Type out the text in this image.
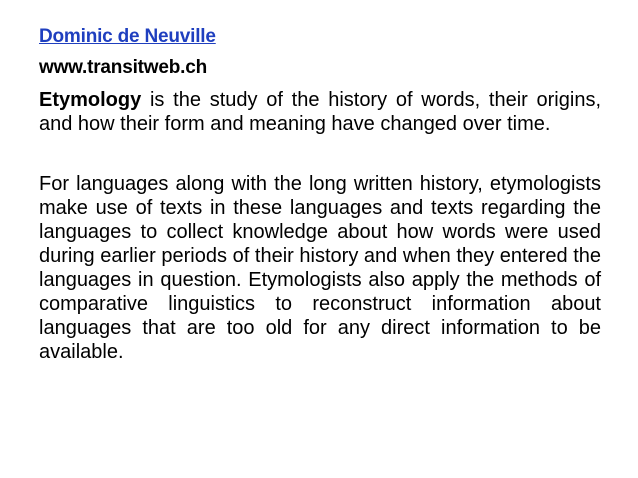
Dominic de Neuville
www.transitweb.ch

Etymology is the study of the history of words, their origins, and how their form and meaning have changed over time.

For languages along with the long written history, etymologists make use of texts in these languages and texts regarding the languages to collect knowledge about how words were used during earlier periods of their history and when they entered the languages in question. Etymologists also apply the methods of comparative linguistics to reconstruct information about languages that are too old for any direct information to be available.
